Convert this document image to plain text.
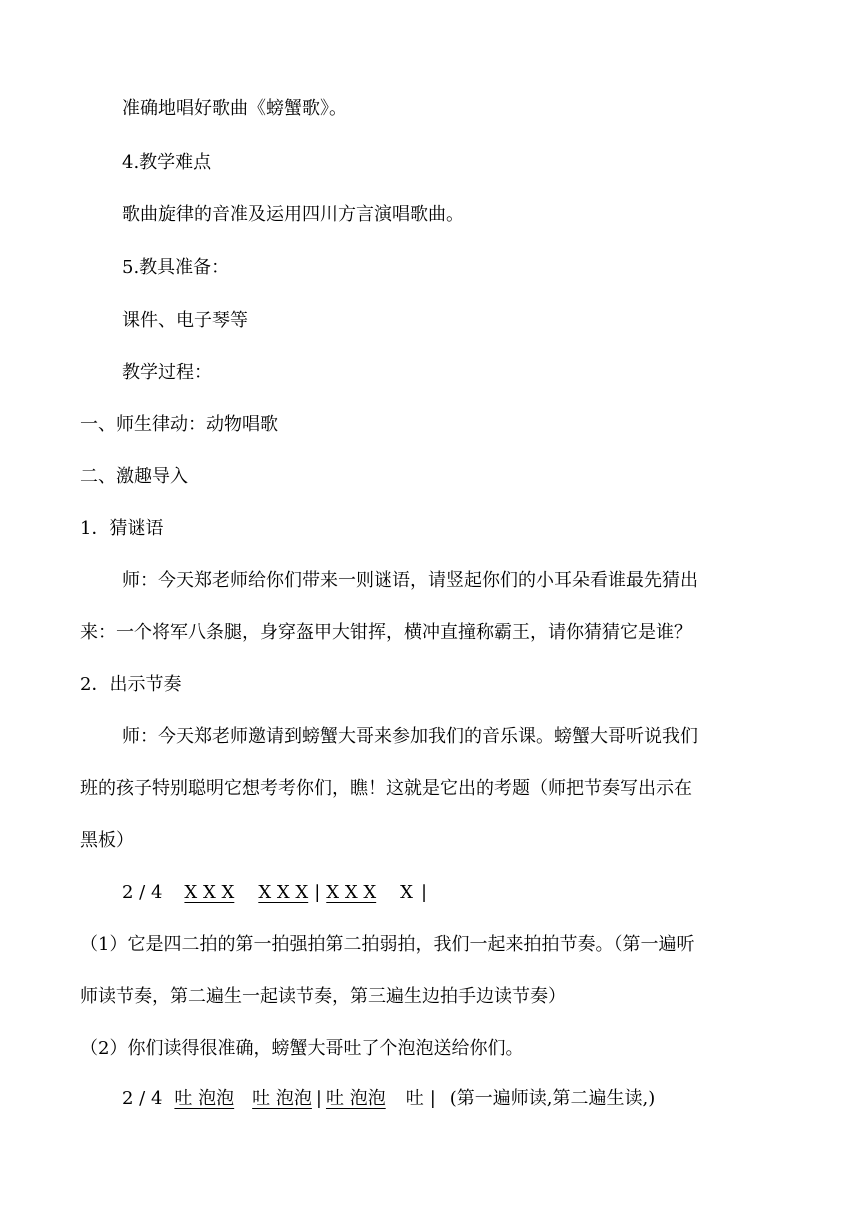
准确地唱好歌曲《螃蟹歌》。
4.教学难点
歌曲旋律的音准及运用四川方言演唱歌曲。
5.教具准备：
课件、电子琴等
教学过程：
一、师生律动：动物唱歌
二、激趣导入
1．猜谜语
师：今天郑老师给你们带来一则谜语，请竖起你们的小耳朵看谁最先猜出
来：一个将军八条腿，身穿盔甲大钳挥，横冲直撞称霸王，请你猜猜它是谁？
2．出示节奏
师：今天郑老师邀请到螃蟹大哥来参加我们的音乐课。螃蟹大哥听说我们
班的孩子特别聪明它想考考你们，瞧！这就是它出的考题（师把节奏写出示在
黑板）
2 / 4 X X X X X X | X X X X |
（1）它是四二拍的第一拍强拍第二拍弱拍，我们一起来拍拍节奏。（第一遍听
师读节奏，第二遍生一起读节奏，第三遍生边拍手边读节奏）
（2）你们读得很准确，螃蟹大哥吐了个泡泡送给你们。
2 / 4 吐 泡泡 吐 泡泡 | 吐 泡泡 吐 | (第一遍师读,第二遍生读,)
